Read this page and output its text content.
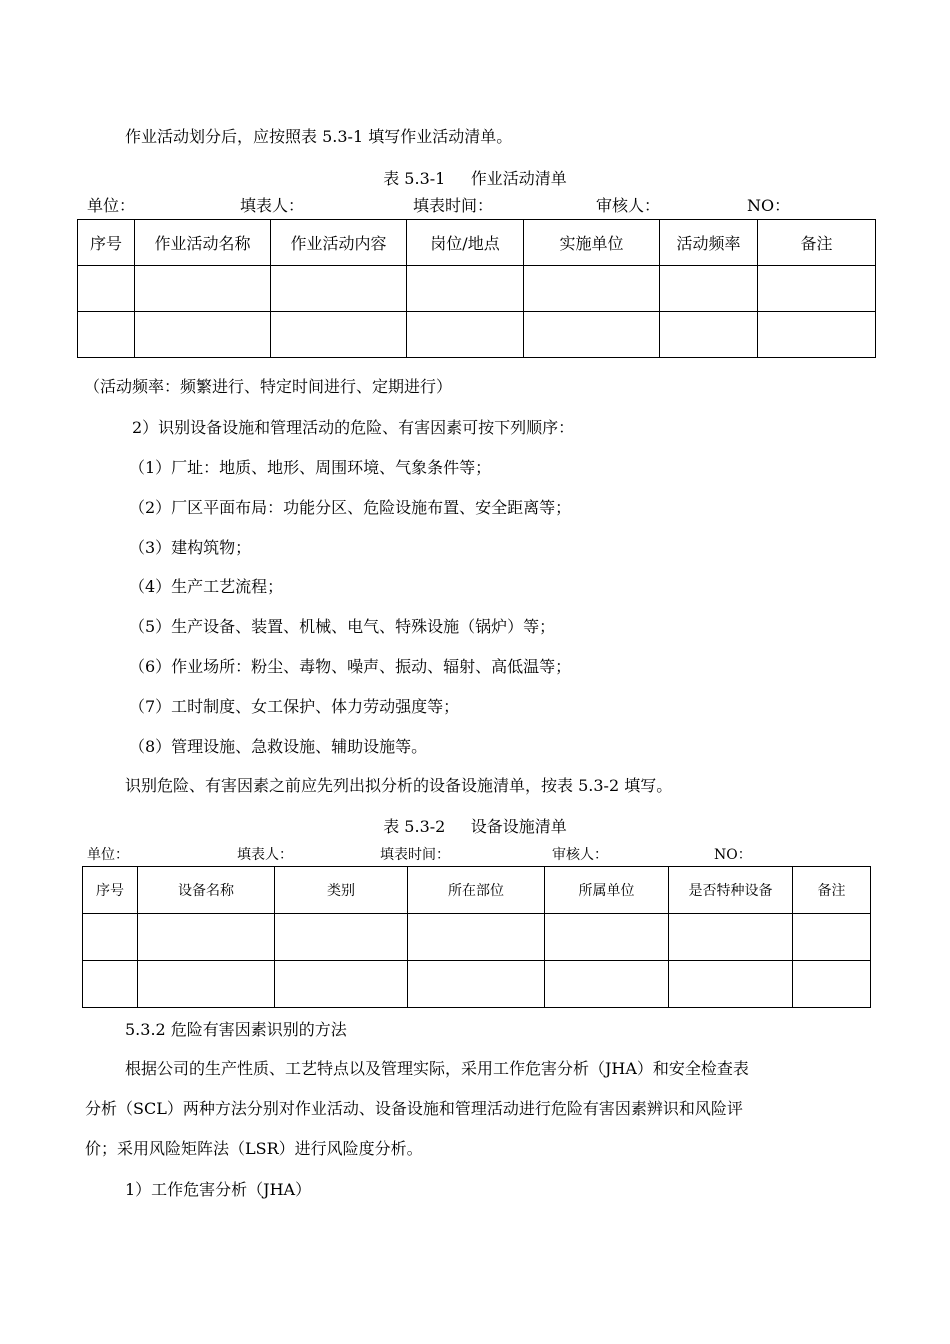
作业活动划分后，应按照表 5.3-1 填写作业活动清单。
表 5.3-1     作业活动清单
单位：	填表人：	填表时间：	审核人：	NO：
序号	作业活动名称	作业活动内容	岗位/地点	实施单位	活动频率	备注

（活动频率：频繁进行、特定时间进行、定期进行）
2）识别设备设施和管理活动的危险、有害因素可按下列顺序：
（1）厂址：地质、地形、周围环境、气象条件等；
（2）厂区平面布局：功能分区、危险设施布置、安全距离等；
（3）建构筑物；
（4）生产工艺流程；
（5）生产设备、装置、机械、电气、特殊设施（锅炉）等；
（6）作业场所：粉尘、毒物、噪声、振动、辐射、高低温等；
（7）工时制度、女工保护、体力劳动强度等；
（8）管理设施、急救设施、辅助设施等。
识别危险、有害因素之前应先列出拟分析的设备设施清单，按表 5.3-2 填写。
表 5.3-2     设备设施清单
单位：	填表人：	填表时间：	审核人：	NO：
序号	设备名称	类别	所在部位	所属单位	是否特种设备	备注

5.3.2 危险有害因素识别的方法
根据公司的生产性质、工艺特点以及管理实际，采用工作危害分析（JHA）和安全检查表
分析（SCL）两种方法分别对作业活动、设备设施和管理活动进行危险有害因素辨识和风险评
价；采用风险矩阵法（LSR）进行风险度分析。
1）工作危害分析（JHA）
